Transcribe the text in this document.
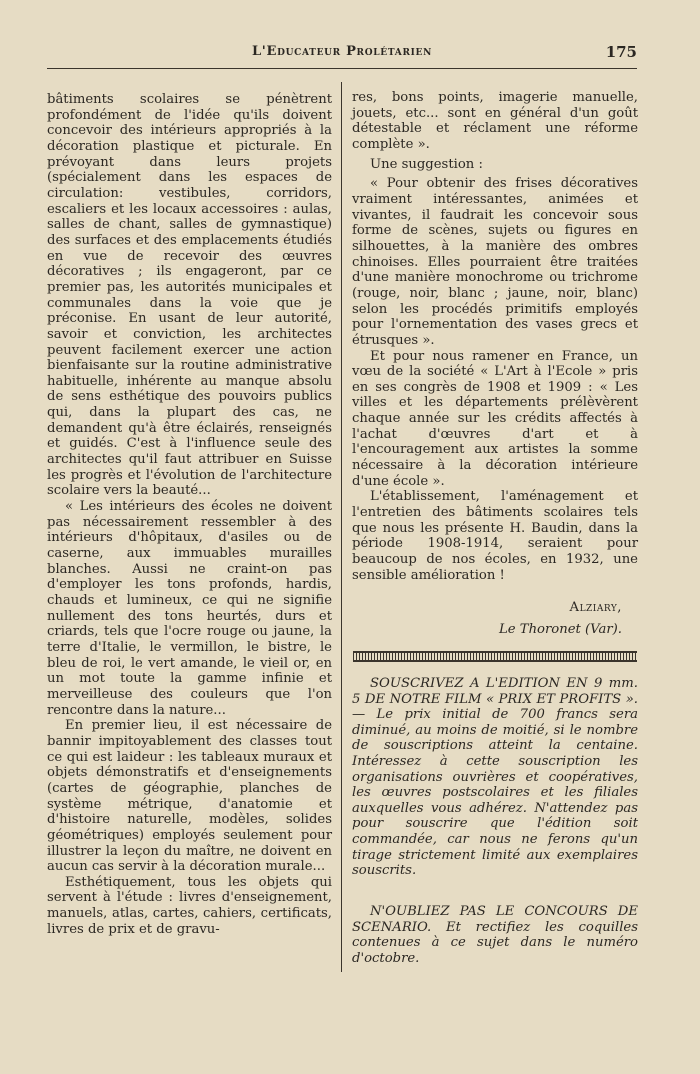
L'Educateur Prolétarien	175

bâtiments scolaires se pénètrent profondément de l'idée qu'ils doivent concevoir des intérieurs appropriés à la décoration plastique et picturale. En prévoyant dans leurs projets (spécialement dans les espaces de circulation: vestibules, corridors, escaliers et les locaux accessoires : aulas, salles de chant, salles de gymnastique) des surfaces et des emplacements étudiés en vue de recevoir des œuvres décoratives ; ils engageront, par ce premier pas, les autorités municipales et communales dans la voie que je préconise. En usant de leur autorité, savoir et conviction, les architectes peuvent facilement exercer une action bienfaisante sur la routine administrative habituelle, inhérente au manque absolu de sens esthétique des pouvoirs publics qui, dans la plupart des cas, ne demandent qu'à être éclairés, renseignés et guidés. C'est à l'influence seule des architectes qu'il faut attribuer en Suisse les progrès et l'évolution de l'architecture scolaire vers la beauté...

« Les intérieurs des écoles ne doivent pas nécessairement ressembler à des intérieurs d'hôpitaux, d'asiles ou de caserne, aux immuables murailles blanches. Aussi ne craint-on pas d'employer les tons profonds, hardis, chauds et lumineux, ce qui ne signifie nullement des tons heurtés, durs et criards, tels que l'ocre rouge ou jaune, la terre d'Italie, le vermillon, le bistre, le bleu de roi, le vert amande, le vieil or, en un mot toute la gamme infinie et merveilleuse des couleurs que l'on rencontre dans la nature...

En premier lieu, il est nécessaire de bannir impitoyablement des classes tout ce qui est laideur : les tableaux muraux et objets démonstratifs et d'enseignements (cartes de géographie, planches de système métrique, d'anatomie et d'histoire naturelle, modèles, solides géométriques) employés seulement pour illustrer la leçon du maître, ne doivent en aucun cas servir à la décoration murale...

Esthétiquement, tous les objets qui servent à l'étude : livres d'enseignement, manuels, atlas, cartes, cahiers, certificats, livres de prix et de gravu-

res, bons points, imagerie manuelle, jouets, etc... sont en général d'un goût détestable et réclament une réforme complète ».

Une suggestion :

« Pour obtenir des frises décoratives vraiment intéressantes, animées et vivantes, il faudrait les concevoir sous forme de scènes, sujets ou figures en silhouettes, à la manière des ombres chinoises. Elles pourraient être traitées d'une manière monochrome ou trichrome (rouge, noir, blanc ; jaune, noir, blanc) selon les procédés primitifs employés pour l'ornementation des vases grecs et étrusques ».

Et pour nous ramener en France, un vœu de la société « L'Art à l'Ecole » pris en ses congrès de 1908 et 1909 : « Les villes et les départements prélèvèrent chaque année sur les crédits affectés à l'achat d'œuvres d'art et à l'encouragement aux artistes la somme nécessaire à la décoration intérieure d'une école ».

L'établissement, l'aménagement et l'entretien des bâtiments scolaires tels que nous les présente H. Baudin, dans la période 1908-1914, seraient pour beaucoup de nos écoles, en 1932, une sensible amélioration !

Alziary,
Le Thoronet (Var).

SOUSCRIVEZ A L'EDITION EN 9 mm. 5 DE NOTRE FILM « PRIX ET PROFITS ». — Le prix initial de 700 francs sera diminué, au moins de moitié, si le nombre de souscriptions atteint la centaine. Intéressez à cette souscription les organisations ouvrières et coopératives, les œuvres postscolaires et les filiales auxquelles vous adhérez. N'attendez pas pour souscrire que l'édition soit commandée, car nous ne ferons qu'un tirage strictement limité aux exemplaires souscrits.

N'OUBLIEZ PAS LE CONCOURS DE SCENARIO. Et rectifiez les coquilles contenues à ce sujet dans le numéro d'octobre.
